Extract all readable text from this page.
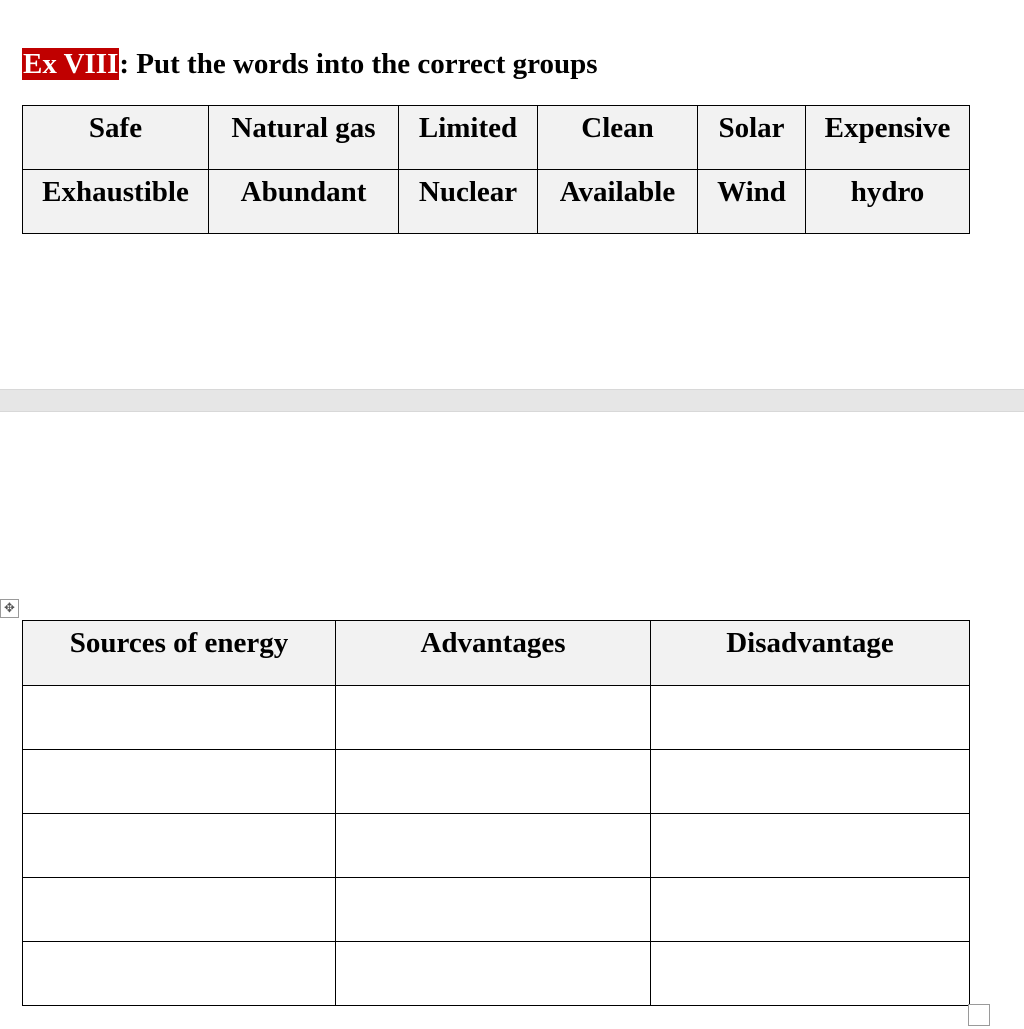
Ex VIII: Put the words into the correct groups
Safe	Natural gas	Limited	Clean	Solar	Expensive
Exhaustible	Abundant	Nuclear	Available	Wind	hydro
✥
Sources of energy	Advantages	Disadvantage
